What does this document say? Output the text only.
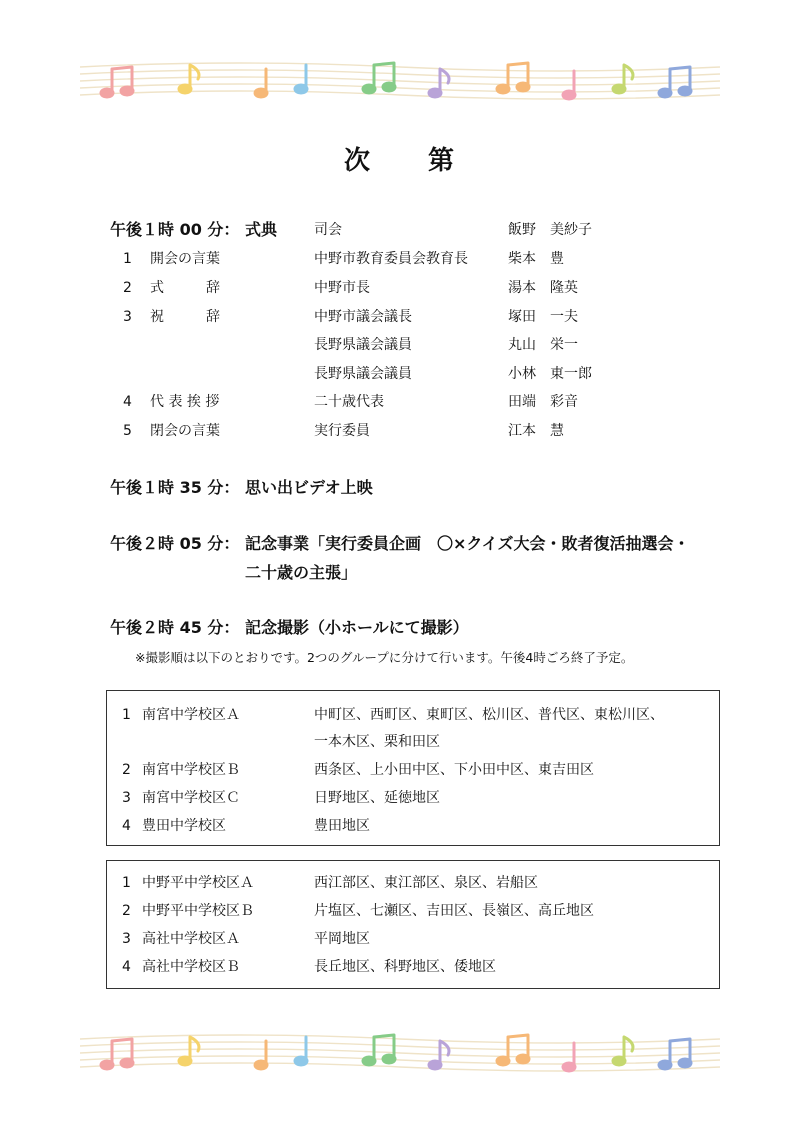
次 第
午後１時 00 分： 式典	司会	飯野　美紗子
1 開会の言葉	中野市教育委員会教育長	柴本　豊
2 式　　　辞	中野市長	湯本　隆英
3 祝　　　辞	中野市議会議長	塚田　一夫
長野県議会議員	丸山　栄一
長野県議会議員	小林　東一郎
4 代 表 挨 拶	二十歳代表	田端　彩音
5 閉会の言葉	実行委員	江本　慧
午後１時 35 分： 思い出ビデオ上映
午後２時 05 分： 記念事業「実行委員企画　〇×クイズ大会・敗者復活抽選会・
二十歳の主張」
午後２時 45 分： 記念撮影（小ホールにて撮影）
※撮影順は以下のとおりです。2つのグループに分けて行います。午後4時ごろ終了予定。
1 南宮中学校区Ａ	中町区、西町区、東町区、松川区、普代区、東松川区、
一本木区、栗和田区
2 南宮中学校区Ｂ	西条区、上小田中区、下小田中区、東吉田区
3 南宮中学校区Ｃ	日野地区、延徳地区
4 豊田中学校区	豊田地区
1 中野平中学校区Ａ	西江部区、東江部区、泉区、岩船区
2 中野平中学校区Ｂ	片塩区、七瀬区、吉田区、長嶺区、高丘地区
3 高社中学校区Ａ	平岡地区
4 高社中学校区Ｂ	長丘地区、科野地区、倭地区
